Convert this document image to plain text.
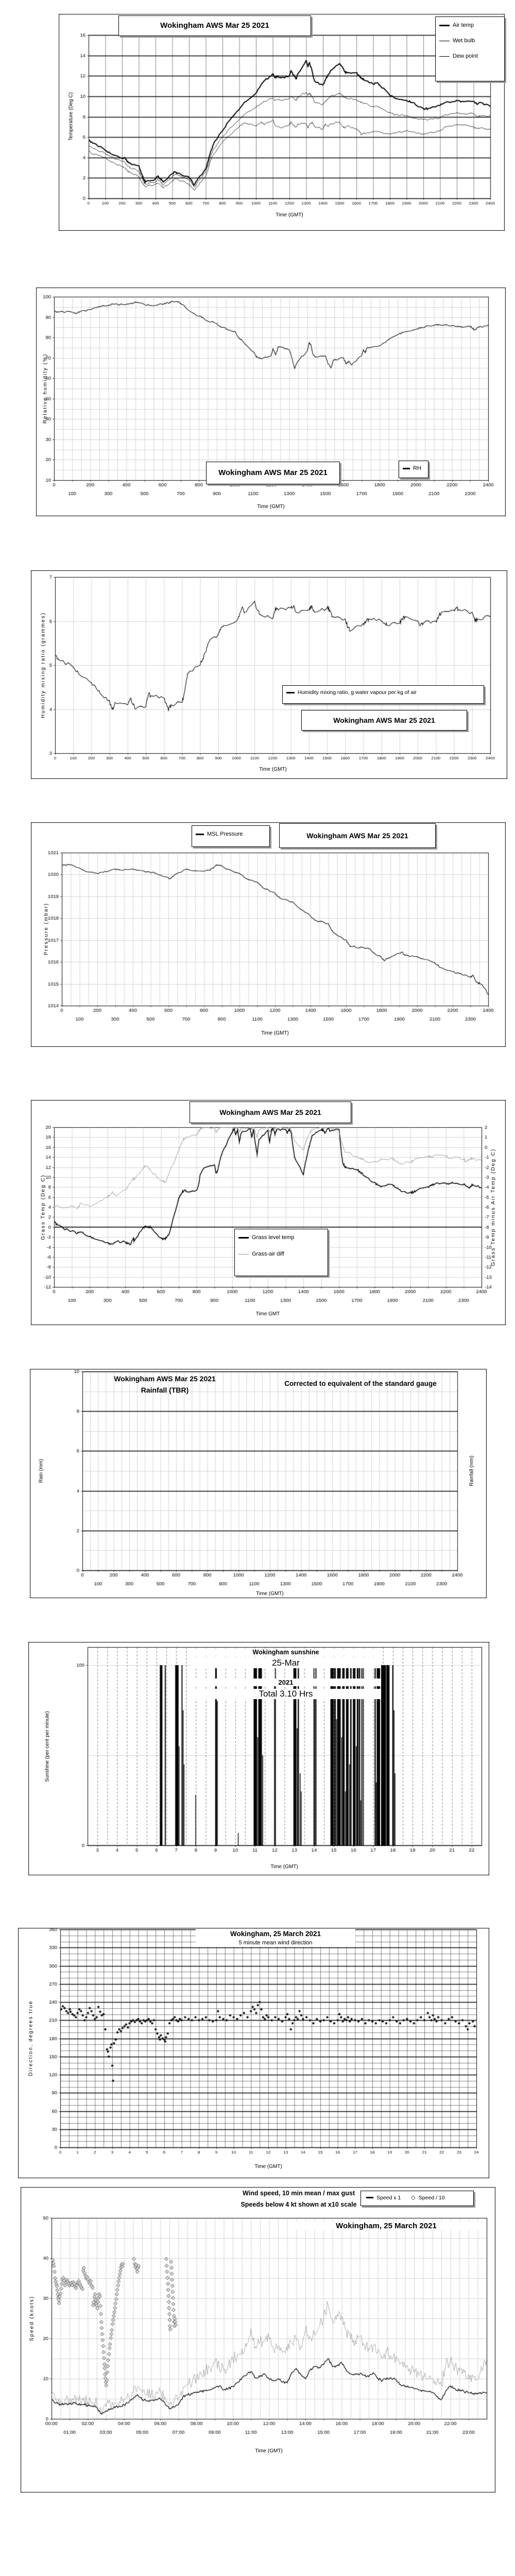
Wokingham AWS Mar 25 2021	Air temp
Wet bulb
Dew point
Temperature (Deg C)
Time (GMT)
Wokingham AWS Mar 25 2021	RH
Relative humidity (%)
Time (GMT)
Humidity mixing ratio, g water vapour per kg of air
Wokingham AWS Mar 25 2021
Humidity mixing ratio (grammes)
Time (GMT)
MSL Pressure	Wokingham AWS Mar 25 2021
Pressure (mbar)
Time (GMT)
Wokingham AWS Mar 25 2021
Grass level temp
Grass-air diff
Grass Temp (Deg C)	Grass Temp minus Air Temp (Deg C)
Time GMT
Wokingham AWS Mar 25 2021
Rainfall (TBR)
Corrected to equivalent of the standard gauge
Rain (mm)	Rainfall (mm)
Time (GMT)
Wokingham sunshine
25-Mar
2021
Total 3.10 Hrs
Sunshine (per cent per minute)
Time (GMT)
Wokingham, 25 March 2021
5 minute mean wind direction
Direction, degrees true
Time (GMT)
Wind speed, 10 min mean / max gust
Speeds below 4 kt shown at x10 scale
Speed x 1 ◇ Speed / 10
Wokingham, 25 March 2021
Speed (knots)
Time (GMT)
